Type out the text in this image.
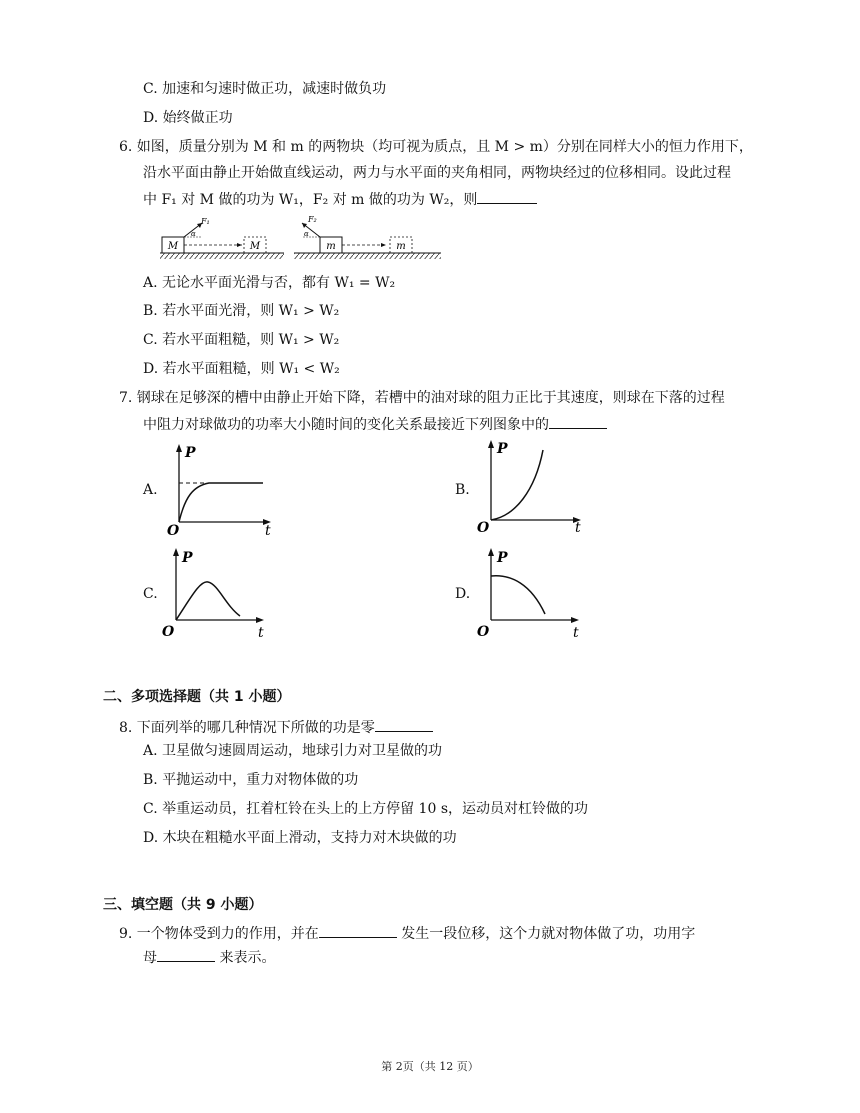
C. 加速和匀速时做正功，减速时做负功
D. 始终做正功
6. 如图，质量分别为 M 和 m 的两物块（均可视为质点，且 M > m）分别在同样大小的恒力作用下，
沿水平面由静止开始做直线运动，两力与水平面的夹角相同，两物块经过的位移相同。设此过程
中 F₁ 对 M 做的功为 W₁，F₂ 对 m 做的功为 W₂，则
M
F₁
α
M
F₂
α
m	m
A. 无论水平面光滑与否，都有 W₁ = W₂
B. 若水平面光滑，则 W₁ > W₂
C. 若水平面粗糙，则 W₁ > W₂
D. 若水平面粗糙，则 W₁ < W₂
7. 钢球在足够深的槽中由静止开始下降，若槽中的油对球的阻力正比于其速度，则球在下落的过程
中阻力对球做功的功率大小随时间的变化关系最接近下列图象中的
A.
P
t
O
B.
P
t
O
C.
P
t
O
D.
P
t
O
二、多项选择题（共 1 小题）
8. 下面列举的哪几种情况下所做的功是零
A. 卫星做匀速圆周运动，地球引力对卫星做的功
B. 平抛运动中，重力对物体做的功
C. 举重运动员，扛着杠铃在头上的上方停留 10 s，运动员对杠铃做的功
D. 木块在粗糙水平面上滑动，支持力对木块做的功
三、填空题（共 9 小题）
9. 一个物体受到力的作用，并在	发生一段位移，这个力就对物体做了功，功用字
母	来表示。
第 2页（共 12 页）
